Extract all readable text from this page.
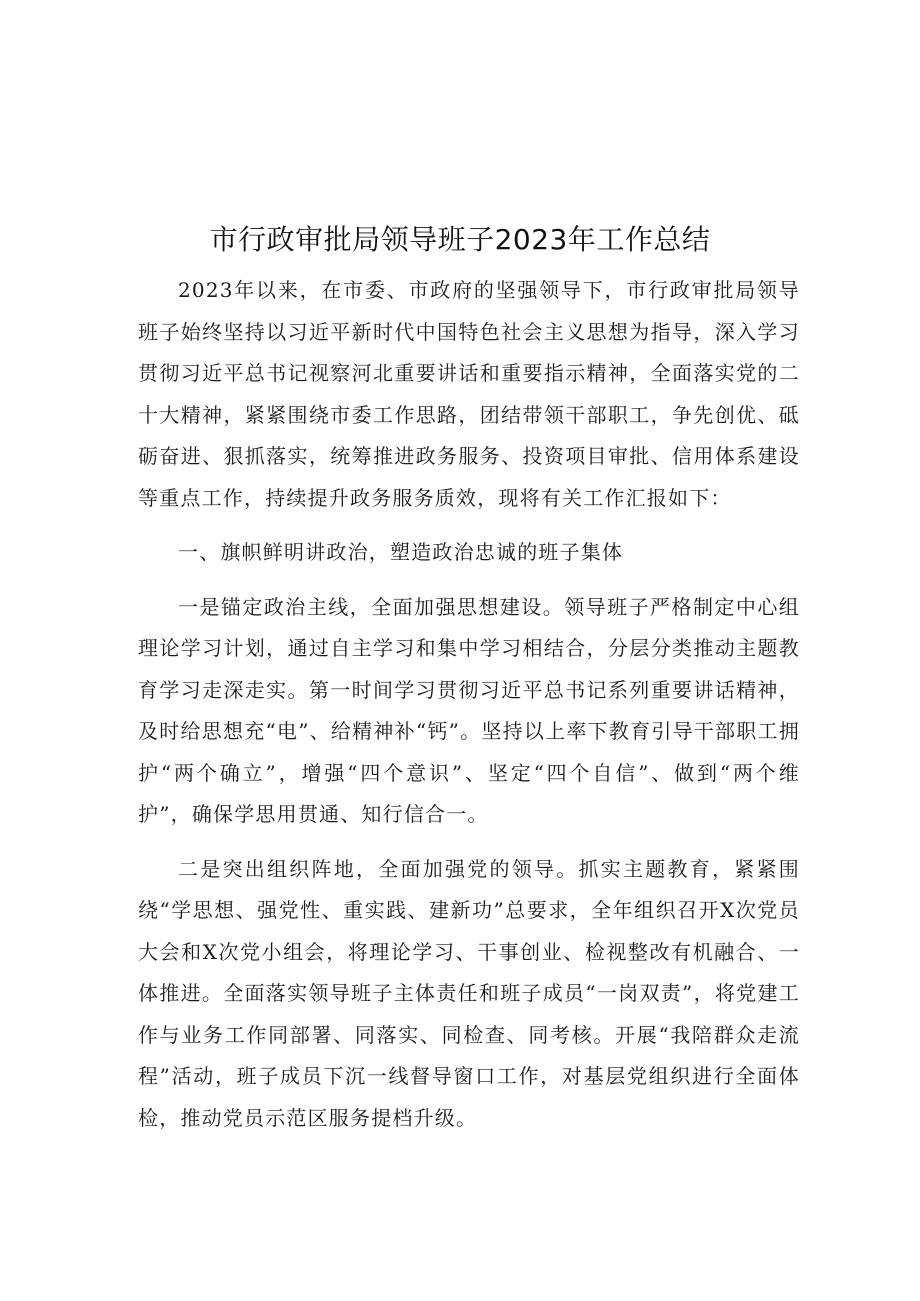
市行政审批局领导班子2023年工作总结

2023年以来，在市委、市政府的坚强领导下，市行政审批局领导班子始终坚持以习近平新时代中国特色社会主义思想为指导，深入学习贯彻习近平总书记视察河北重要讲话和重要指示精神，全面落实党的二十大精神，紧紧围绕市委工作思路，团结带领干部职工，争先创优、砥砺奋进、狠抓落实，统筹推进政务服务、投资项目审批、信用体系建设等重点工作，持续提升政务服务质效，现将有关工作汇报如下：

一、旗帜鲜明讲政治，塑造政治忠诚的班子集体

一是锚定政治主线，全面加强思想建设。领导班子严格制定中心组理论学习计划，通过自主学习和集中学习相结合，分层分类推动主题教育学习走深走实。第一时间学习贯彻习近平总书记系列重要讲话精神，及时给思想充“电”、给精神补“钙”。坚持以上率下教育引导干部职工拥护“两个确立”，增强“四个意识”、坚定“四个自信”、做到“两个维护”，确保学思用贯通、知行信合一。

二是突出组织阵地，全面加强党的领导。抓实主题教育，紧紧围绕“学思想、强党性、重实践、建新功”总要求，全年组织召开X次党员大会和X次党小组会，将理论学习、干事创业、检视整改有机融合、一体推进。全面落实领导班子主体责任和班子成员“一岗双责”，将党建工作与业务工作同部署、同落实、同检查、同考核。开展“我陪群众走流程”活动，班子成员下沉一线督导窗口工作，对基层党组织进行全面体检，推动党员示范区服务提档升级。
